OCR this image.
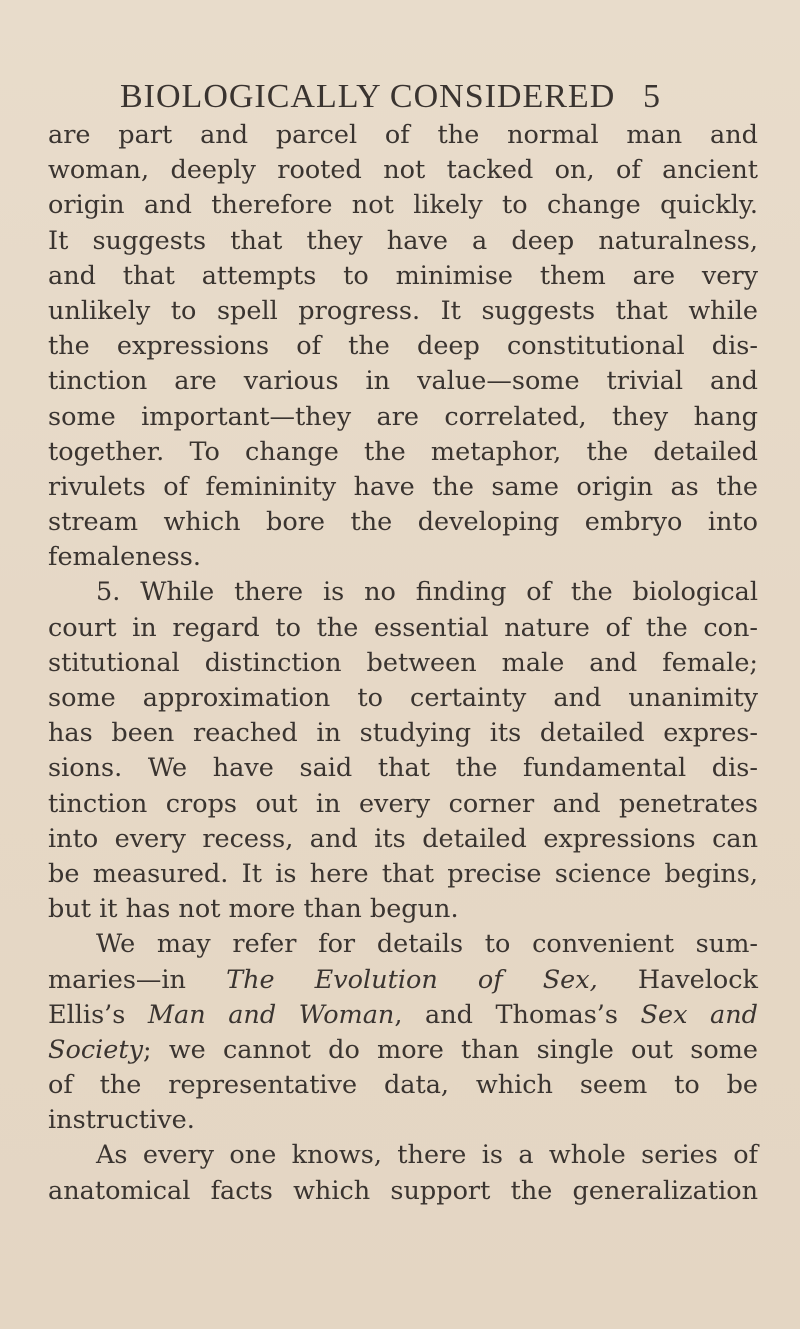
BIOLOGICALLY CONSIDERED 5
are part and parcel of the normal man and
woman, deeply rooted not tacked on, of ancient
origin and therefore not likely to change quickly.
It suggests that they have a deep naturalness,
and that attempts to minimise them are very
unlikely to spell progress. It suggests that while
the expressions of the deep constitutional dis-
tinction are various in value—some trivial and
some important—they are correlated, they hang
together. To change the metaphor, the detailed
rivulets of femininity have the same origin as the
stream which bore the developing embryo into
femaleness.
5. While there is no finding of the biological
court in regard to the essential nature of the con-
stitutional distinction between male and female;
some approximation to certainty and unanimity
has been reached in studying its detailed expres-
sions. We have said that the fundamental dis-
tinction crops out in every corner and penetrates
into every recess, and its detailed expressions can
be measured. It is here that precise science begins,
but it has not more than begun.
We may refer for details to convenient sum-
maries—in The Evolution of Sex, Havelock
Ellis’s Man and Woman, and Thomas’s Sex and
Society; we cannot do more than single out some
of the representative data, which seem to be
instructive.
As every one knows, there is a whole series of
anatomical facts which support the generalization
